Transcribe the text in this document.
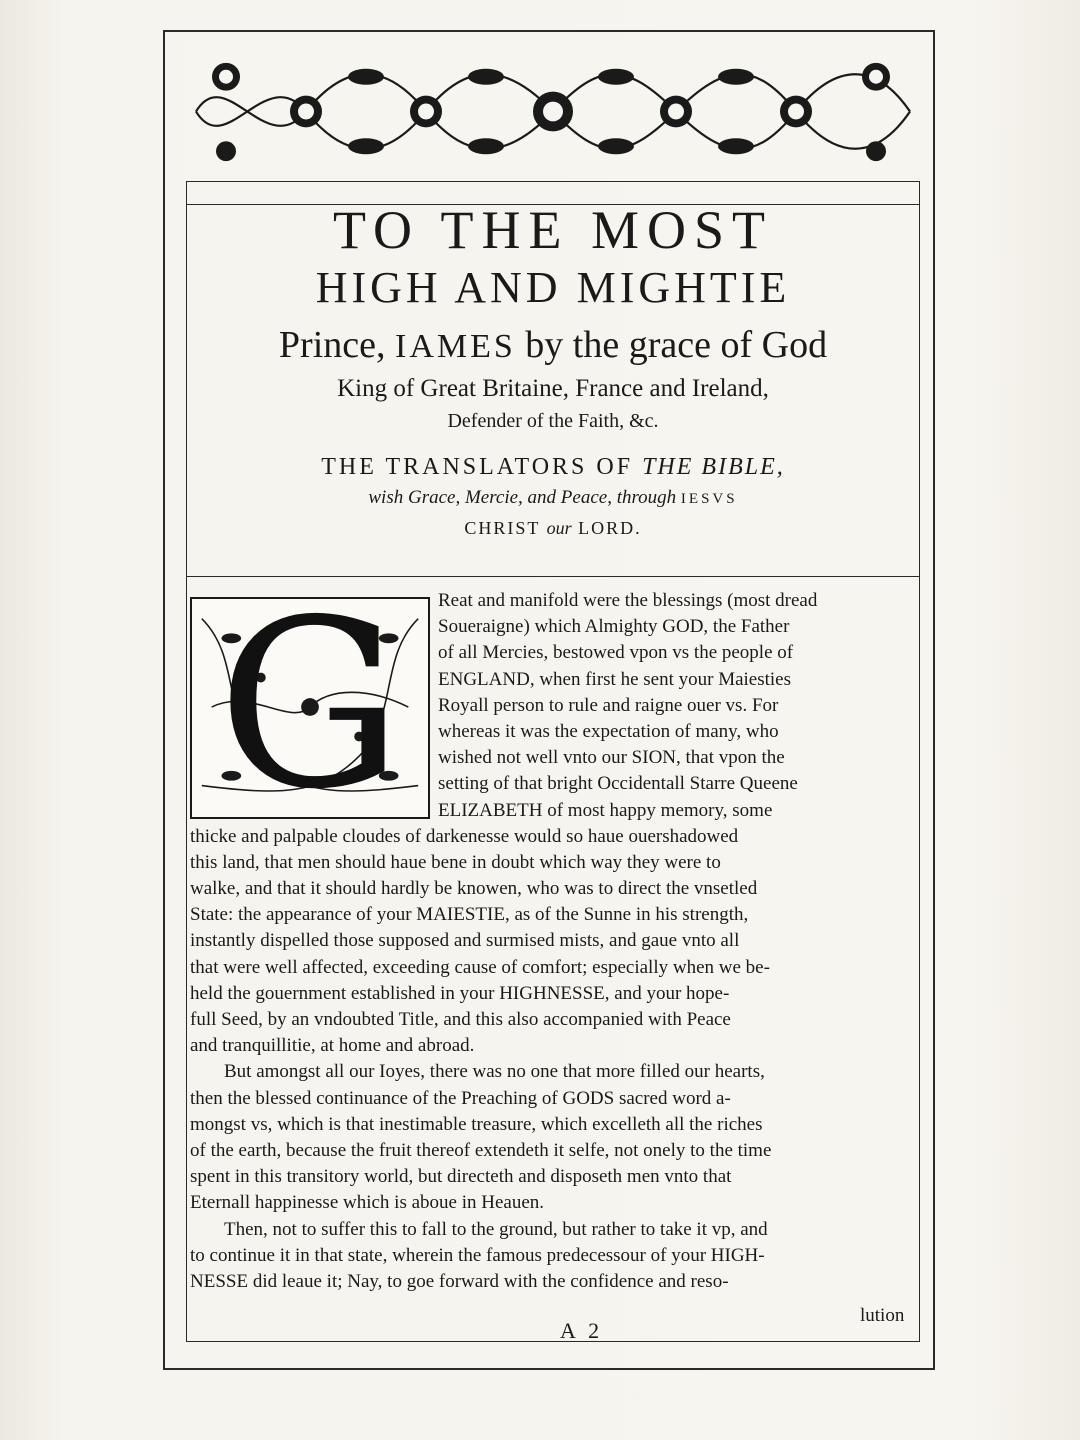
TO THE MOST
HIGH AND MIGHTIE
Prince, IAMES by the grace of God
King of Great Britaine, France and Ireland,
Defender of the Faith, &c.
THE TRANSLATORS OF THE BIBLE,
wish Grace, Mercie, and Peace, through IESVS
CHRIST our LORD.
G	Reat and manifold were the blessings (most dread
Soueraigne) which Almighty GOD, the Father
of all Mercies, bestowed vpon vs the people of
ENGLAND, when first he sent your Maiesties
Royall person to rule and raigne ouer vs. For
whereas it was the expectation of many, who
wished not well vnto our SION, that vpon the
setting of that bright Occidentall Starre Queene
ELIZABETH of most happy memory, some
thicke and palpable cloudes of darkenesse would so haue ouershadowed
this land, that men should haue bene in doubt which way they were to
walke, and that it should hardly be knowen, who was to direct the vnsetled
State: the appearance of your MAIESTIE, as of the Sunne in his strength,
instantly dispelled those supposed and surmised mists, and gaue vnto all
that were well affected, exceeding cause of comfort; especially when we be-
held the gouernment established in your HIGHNESSE, and your hope-
full Seed, by an vndoubted Title, and this also accompanied with Peace
and tranquillitie, at home and abroad.
But amongst all our Ioyes, there was no one that more filled our hearts,
then the blessed continuance of the Preaching of GODS sacred word a-
mongst vs, which is that inestimable treasure, which excelleth all the riches
of the earth, because the fruit thereof extendeth it selfe, not onely to the time
spent in this transitory world, but directeth and disposeth men vnto that
Eternall happinesse which is aboue in Heauen.
Then, not to suffer this to fall to the ground, but rather to take it vp, and
to continue it in that state, wherein the famous predecessour of your HIGH-
NESSE did leaue it; Nay, to goe forward with the confidence and reso-
lution
A 2
